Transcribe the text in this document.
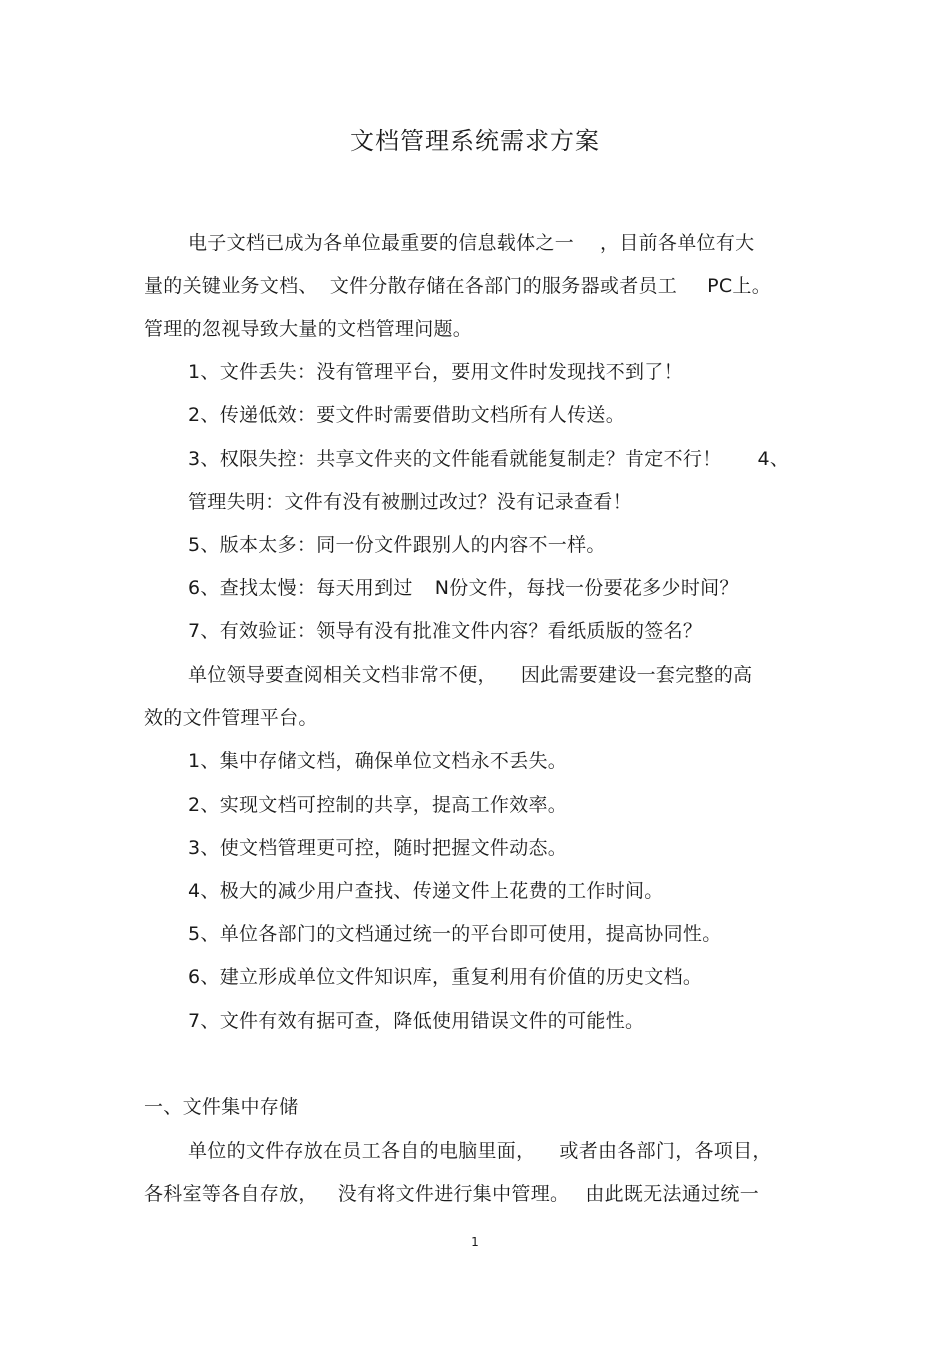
文档管理系统需求方案
电子文档已成为各单位最重要的信息载体之一 ，目前各单位有大
量的关键业务文档、 文件分散存储在各部门的服务器或者员工 PC上。
管理的忽视导致大量的文档管理问题。
1、文件丢失：没有管理平台，要用文件时发现找不到了！
2、传递低效：要文件时需要借助文档所有人传送。
3、权限失控：共享文件夹的文件能看就能复制走？肯定不行！ 4、
管理失明：文件有没有被删过改过？没有记录查看！
5、版本太多：同一份文件跟别人的内容不一样。
6、查找太慢：每天用到过 N份文件，每找一份要花多少时间？
7、有效验证：领导有没有批准文件内容？看纸质版的签名？
单位领导要查阅相关文档非常不便， 因此需要建设一套完整的高
效的文件管理平台。
1、集中存储文档，确保单位文档永不丢失。
2、实现文档可控制的共享，提高工作效率。
3、使文档管理更可控，随时把握文件动态。
4、极大的减少用户查找、传递文件上花费的工作时间。
5、单位各部门的文档通过统一的平台即可使用，提高协同性。
6、建立形成单位文件知识库，重复利用有价值的历史文档。
7、文件有效有据可查，降低使用错误文件的可能性。
一、文件集中存储
单位的文件存放在员工各自的电脑里面， 或者由各部门，各项目，
各科室等各自存放， 没有将文件进行集中管理。 由此既无法通过统一
1
